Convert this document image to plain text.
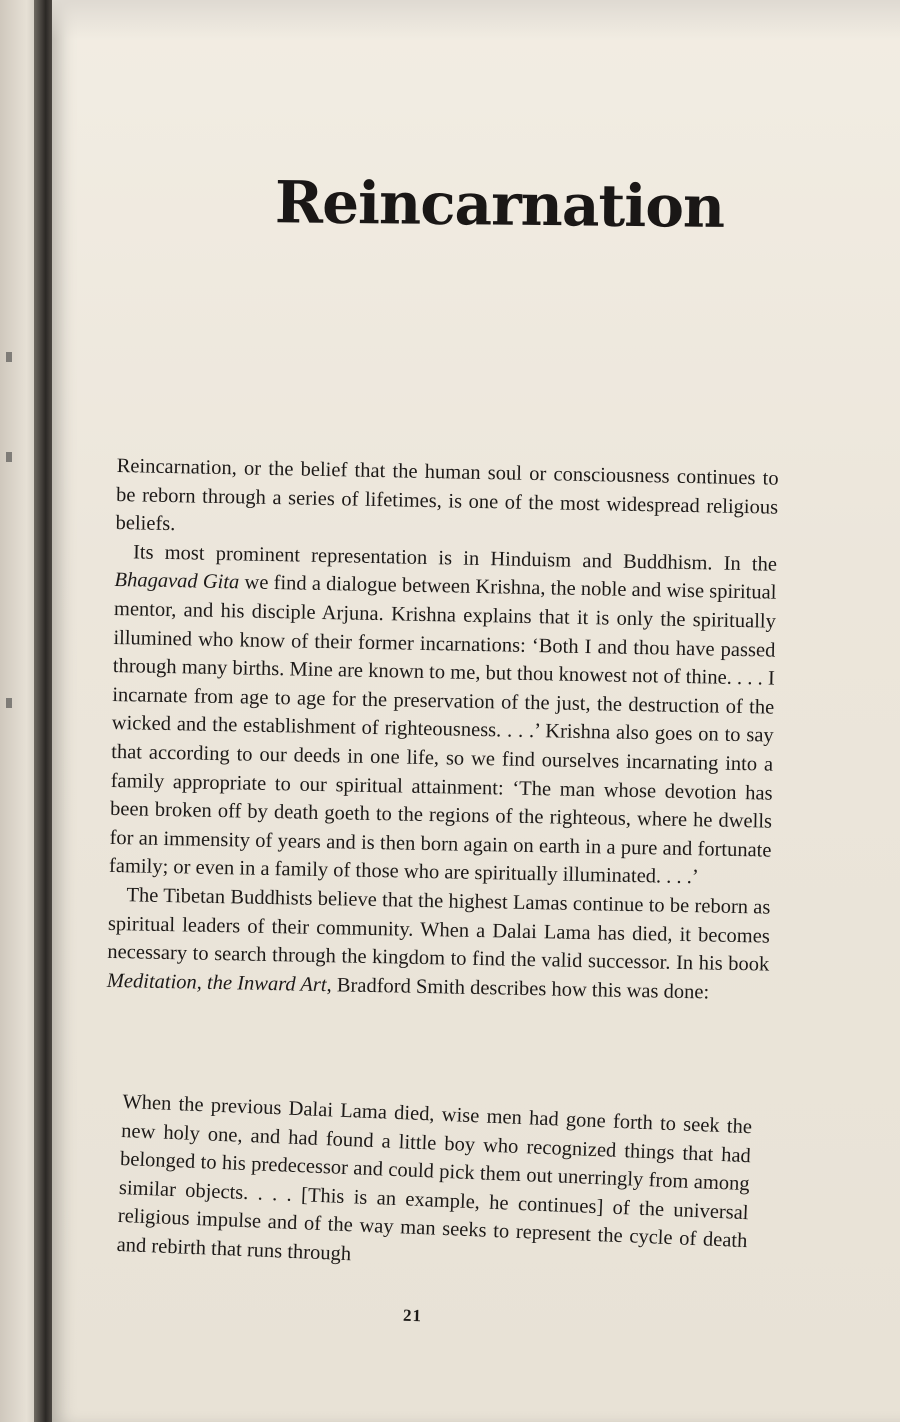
Reincarnation

Reincarnation, or the belief that the human soul or consciousness continues to be reborn through a series of lifetimes, is one of the most widespread religious beliefs.

Its most prominent representation is in Hinduism and Buddhism. In the Bhagavad Gita we find a dialogue between Krishna, the noble and wise spiritual mentor, and his disciple Arjuna. Krishna explains that it is only the spiritually illumined who know of their former incarnations: ‘Both I and thou have passed through many births. Mine are known to me, but thou knowest not of thine. . . . I incarnate from age to age for the preservation of the just, the destruction of the wicked and the establishment of righteousness. . . .’ Krishna also goes on to say that according to our deeds in one life, so we find ourselves incarnating into a family appropriate to our spiritual attainment: ‘The man whose devotion has been broken off by death goeth to the regions of the righteous, where he dwells for an immensity of years and is then born again on earth in a pure and fortunate family; or even in a family of those who are spiritually illuminated. . . .’

The Tibetan Buddhists believe that the highest Lamas continue to be reborn as spiritual leaders of their community. When a Dalai Lama has died, it becomes necessary to search through the kingdom to find the valid successor. In his book Meditation, the Inward Art, Bradford Smith describes how this was done:

When the previous Dalai Lama died, wise men had gone forth to seek the new holy one, and had found a little boy who recognized things that had belonged to his predecessor and could pick them out unerringly from among similar objects. . . . [This is an example, he continues] of the universal religious impulse and of the way man seeks to represent the cycle of death and rebirth that runs through

21
